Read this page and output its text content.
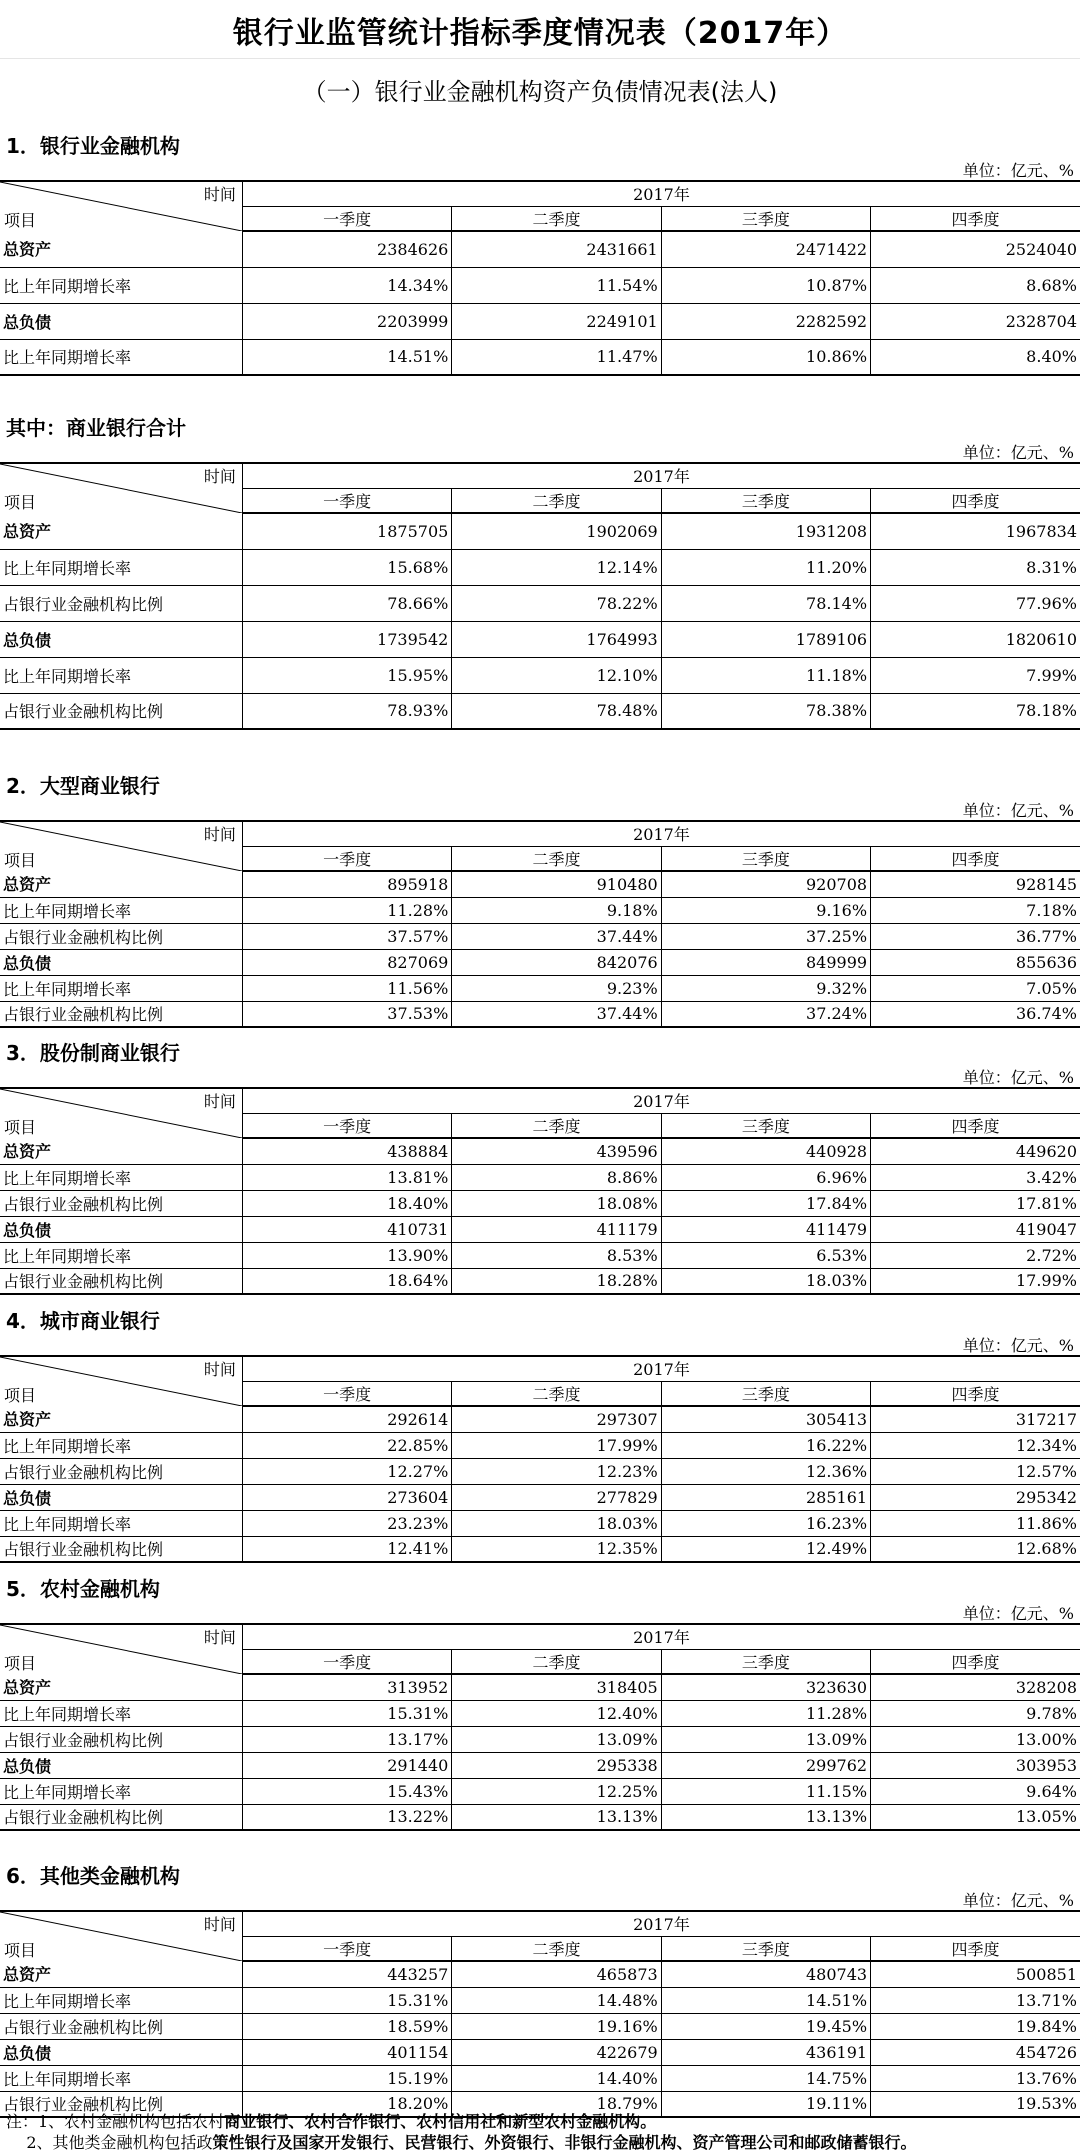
银行业监管统计指标季度情况表（2017年）
（一）银行业金融机构资产负债情况表(法人)
1．银行业金融机构
单位：亿元、%
时间
项目	2017年			
	一季度	二季度	三季度	四季度
总资产	2384626	2431661	2471422	2524040
比上年同期增长率	14.34%	11.54%	10.87%	8.68%
总负债	2203999	2249101	2282592	2328704
比上年同期增长率	14.51%	11.47%	10.86%	8.40%
其中：商业银行合计
单位：亿元、%
时间
项目	2017年			
	一季度	二季度	三季度	四季度
总资产	1875705	1902069	1931208	1967834
比上年同期增长率	15.68%	12.14%	11.20%	8.31%
占银行业金融机构比例	78.66%	78.22%	78.14%	77.96%
总负债	1739542	1764993	1789106	1820610
比上年同期增长率	15.95%	12.10%	11.18%	7.99%
占银行业金融机构比例	78.93%	78.48%	78.38%	78.18%
2．大型商业银行
单位：亿元、%
时间
项目	2017年			
	一季度	二季度	三季度	四季度
总资产	895918	910480	920708	928145
比上年同期增长率	11.28%	9.18%	9.16%	7.18%
占银行业金融机构比例	37.57%	37.44%	37.25%	36.77%
总负债	827069	842076	849999	855636
比上年同期增长率	11.56%	9.23%	9.32%	7.05%
占银行业金融机构比例	37.53%	37.44%	37.24%	36.74%
3．股份制商业银行
单位：亿元、%
时间
项目	2017年			
	一季度	二季度	三季度	四季度
总资产	438884	439596	440928	449620
比上年同期增长率	13.81%	8.86%	6.96%	3.42%
占银行业金融机构比例	18.40%	18.08%	17.84%	17.81%
总负债	410731	411179	411479	419047
比上年同期增长率	13.90%	8.53%	6.53%	2.72%
占银行业金融机构比例	18.64%	18.28%	18.03%	17.99%
4．城市商业银行
单位：亿元、%
时间
项目	2017年			
	一季度	二季度	三季度	四季度
总资产	292614	297307	305413	317217
比上年同期增长率	22.85%	17.99%	16.22%	12.34%
占银行业金融机构比例	12.27%	12.23%	12.36%	12.57%
总负债	273604	277829	285161	295342
比上年同期增长率	23.23%	18.03%	16.23%	11.86%
占银行业金融机构比例	12.41%	12.35%	12.49%	12.68%
5．农村金融机构
单位：亿元、%
时间
项目	2017年			
	一季度	二季度	三季度	四季度
总资产	313952	318405	323630	328208
比上年同期增长率	15.31%	12.40%	11.28%	9.78%
占银行业金融机构比例	13.17%	13.09%	13.09%	13.00%
总负债	291440	295338	299762	303953
比上年同期增长率	15.43%	12.25%	11.15%	9.64%
占银行业金融机构比例	13.22%	13.13%	13.13%	13.05%
6．其他类金融机构
单位：亿元、%
时间
项目	2017年			
	一季度	二季度	三季度	四季度
总资产	443257	465873	480743	500851
比上年同期增长率	15.31%	14.48%	14.51%	13.71%
占银行业金融机构比例	18.59%	19.16%	19.45%	19.84%
总负债	401154	422679	436191	454726
比上年同期增长率	15.19%	14.40%	14.75%	13.76%
占银行业金融机构比例	18.20%	18.79%	19.11%	19.53%
注：1、农村金融机构包括农村商业银行、农村合作银行、农村信用社和新型农村金融机构。
2、其他类金融机构包括政策性银行及国家开发银行、民营银行、外资银行、非银行金融机构、资产管理公司和邮政储蓄银行。
